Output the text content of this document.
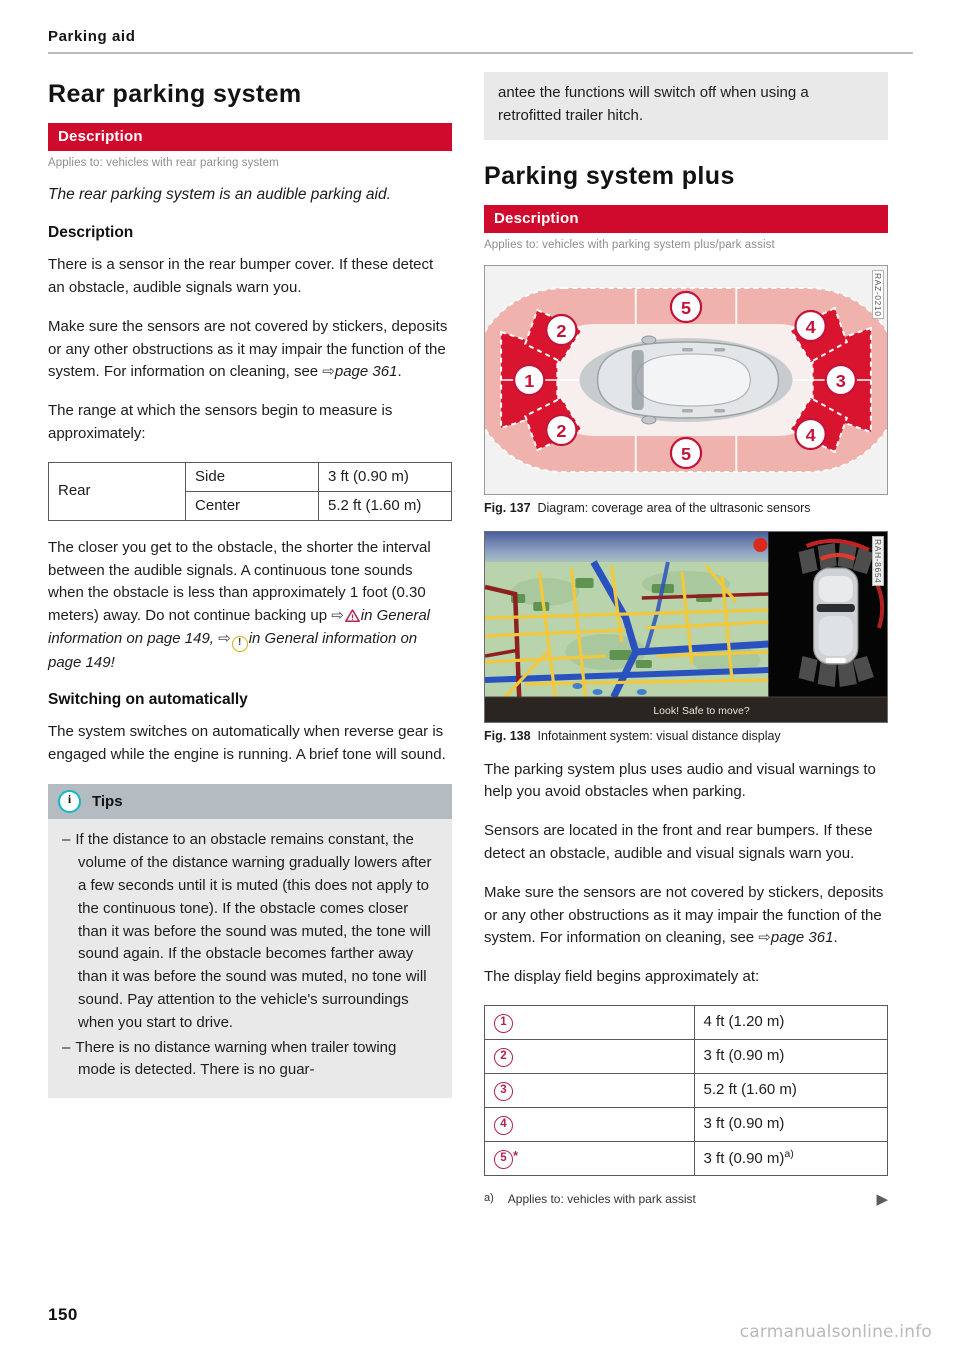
Parking aid
Rear parking system
Description
Applies to: vehicles with rear parking system

The rear parking system is an audible parking aid.

Description

There is a sensor in the rear bumper cover. If these detect an obstacle, audible signals warn you.

Make sure the sensors are not covered by stickers, deposits or any other obstructions as it may impair the function of the system. For information on cleaning, see ⇨page 361.

The range at which the sensors begin to measure is approximately:

Rear	Side	3 ft (0.90 m)
	Center	5.2 ft (1.60 m)

The closer you get to the obstacle, the shorter the interval between the audible signals. A continuous tone sounds when the obstacle is less than approximately 1 foot (0.30 meters) away. Do not continue backing up ⇨ in General information on page 149, ⇨ ! in General information on page 149!

Switching on automatically

The system switches on automatically when reverse gear is engaged while the engine is running. A brief tone will sound.

i	Tips
– If the distance to an obstacle remains constant, the volume of the distance warning gradually lowers after a few seconds until it is muted (this does not apply to the continuous tone). If the obstacle comes closer than it was before the sound was muted, the tone will sound again. If the obstacle becomes farther away than it was before the sound was muted, no tone will sound. Pay attention to the vehicle's surroundings when you start to drive.
– There is no distance warning when trailer towing mode is detected. There is no guar-
antee the functions will switch off when using a retrofitted trailer hitch.
Parking system plus
Description
Applies to: vehicles with parking system plus/park assist
RAZ-0210
1
2
2
3
4
4
5
5
Fig. 137 Diagram: coverage area of the ultrasonic sensors
RAH-8654
Look! Safe to move?
Fig. 138 Infotainment system: visual distance display

The parking system plus uses audio and visual warnings to help you avoid obstacles when parking.

Sensors are located in the front and rear bumpers. If these detect an obstacle, audible and visual signals warn you.

Make sure the sensors are not covered by stickers, deposits or any other obstructions as it may impair the function of the system. For information on cleaning, see ⇨page 361.

The display field begins approximately at:

1	4 ft (1.20 m)
2	3 ft (0.90 m)
3	5.2 ft (1.60 m)
4	3 ft (0.90 m)
5 *	3 ft (0.90 m)$^{a)}$
a) Applies to: vehicles with park assist	▶
150
carmanualsonline.info
